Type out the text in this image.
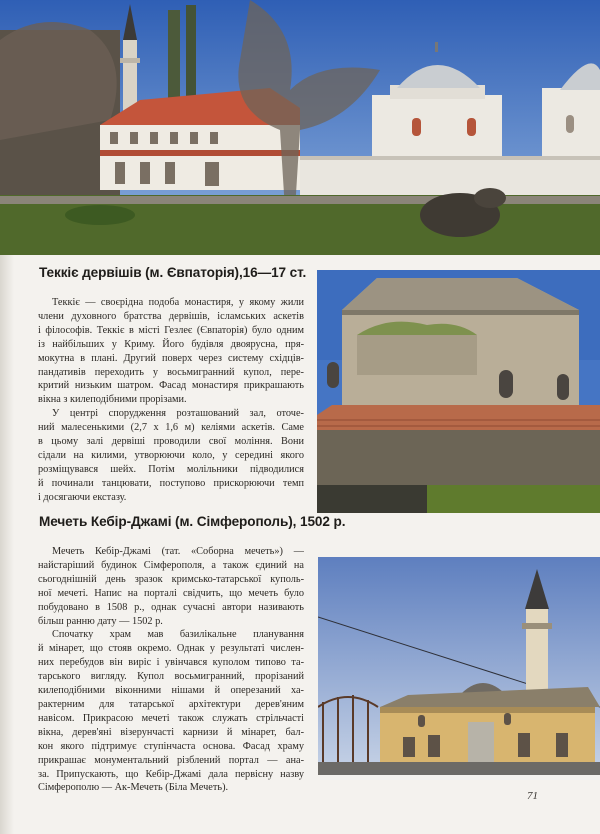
Теккіє дервішів (м. Євпаторія),16—17 ст.
Теккіє — своєрідна подоба монастиря, у якому жили
члени духовного братства дервішів, ісламських аскетів
і філософів. Теккіє в місті Гезлеє (Євпаторія) було одним
із найбільших у Криму. Його будівля двоярусна, пря-
мокутна в плані. Другий поверх через систему сxідців-
пандативів переходить у восьмигранний купол, пере-
критий низьким шатром. Фасад монастиря прикрашають
вікна з килеподібними прорізами.
У центрі спорудження розташований зал, оточе-
ний малесенькими (2,7 х 1,6 м) келіями аскетів. Саме
в цьому залі дервіші проводили свої моління. Вони
сідали на килими, утворюючи коло, у середині якого
розміщувався шейх. Потім молільники підводилися
й починали танцювати, поступово прискорюючи темп
і досягаючи екстазу.
Мечеть Кебір-Джамі (м. Сімферополь), 1502 р.
Мечеть Кебір-Джамі (тат. «Соборна мечеть») —
найстаріший будинок Сімферополя, а також єдиний на
сьогоднішній день зразок кримсько-татарської куполь-
ної мечеті. Напис на порталі свідчить, що мечеть було
побудовано в 1508 р., однак сучасні автори називають
більш ранню дату — 1502 р.
Спочатку храм мав базилікальне планування
й мінарет, що стояв окремо. Однак у результаті числен-
них перебудов він виріс і увінчався куполом типово та-
тарського вигляду. Купол восьмигранний, прорізаний
килеподібними віконними нішами й оперезаний ха-
рактерним для татарської архітектури дерев'яним
навісом. Прикрасою мечеті також служать стрільчасті
вікна, дерев'яні візерунчасті карнизи й мінарет, бал-
кон якого підтримує ступінчаста основа. Фасад храму
прикрашає монументальний різблений портал — ана-
за. Припускають, що Кебір-Джамі дала первісну назву
Сімферополю — Ак-Мечеть (Біла Мечеть).
71
